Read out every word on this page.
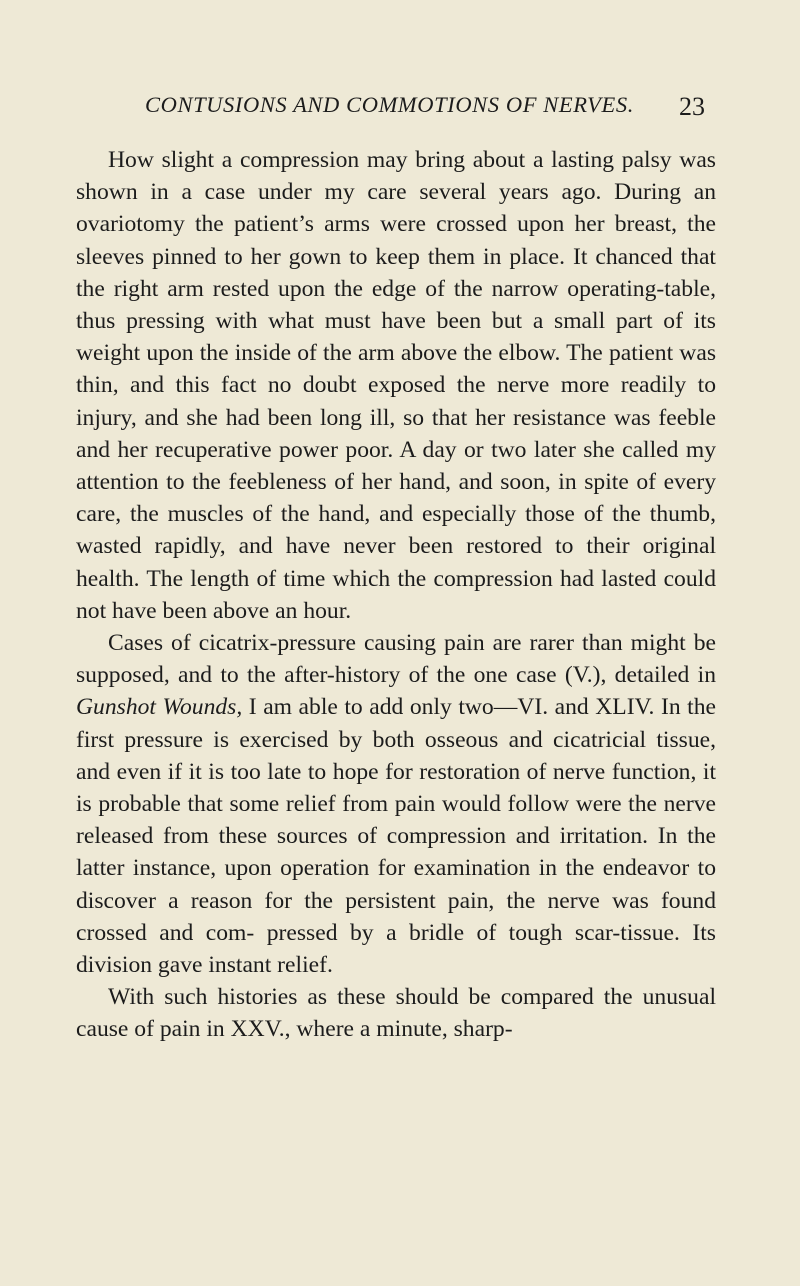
CONTUSIONS AND COMMOTIONS OF NERVES. 23

How slight a compression may bring about a lasting palsy was shown in a case under my care several years ago. During an ovariotomy the patient’s arms were crossed upon her breast, the sleeves pinned to her gown to keep them in place. It chanced that the right arm rested upon the edge of the narrow operating-table, thus pressing with what must have been but a small part of its weight upon the inside of the arm above the elbow. The patient was thin, and this fact no doubt exposed the nerve more readily to injury, and she had been long ill, so that her resistance was feeble and her recuperative power poor. A day or two later she called my attention to the feebleness of her hand, and soon, in spite of every care, the muscles of the hand, and especially those of the thumb, wasted rapidly, and have never been restored to their original health. The length of time which the compression had lasted could not have been above an hour.

Cases of cicatrix-pressure causing pain are rarer than might be supposed, and to the after-history of the one case (V.), detailed in Gunshot Wounds, I am able to add only two—VI. and XLIV. In the first pressure is exercised by both osseous and cicatricial tissue, and even if it is too late to hope for restoration of nerve function, it is probable that some relief from pain would follow were the nerve released from these sources of compression and irritation. In the latter instance, upon operation for examination in the endeavor to discover a reason for the persistent pain, the nerve was found crossed and com- pressed by a bridle of tough scar-tissue. Its division gave instant relief.

With such histories as these should be compared the unusual cause of pain in XXV., where a minute, sharp-
